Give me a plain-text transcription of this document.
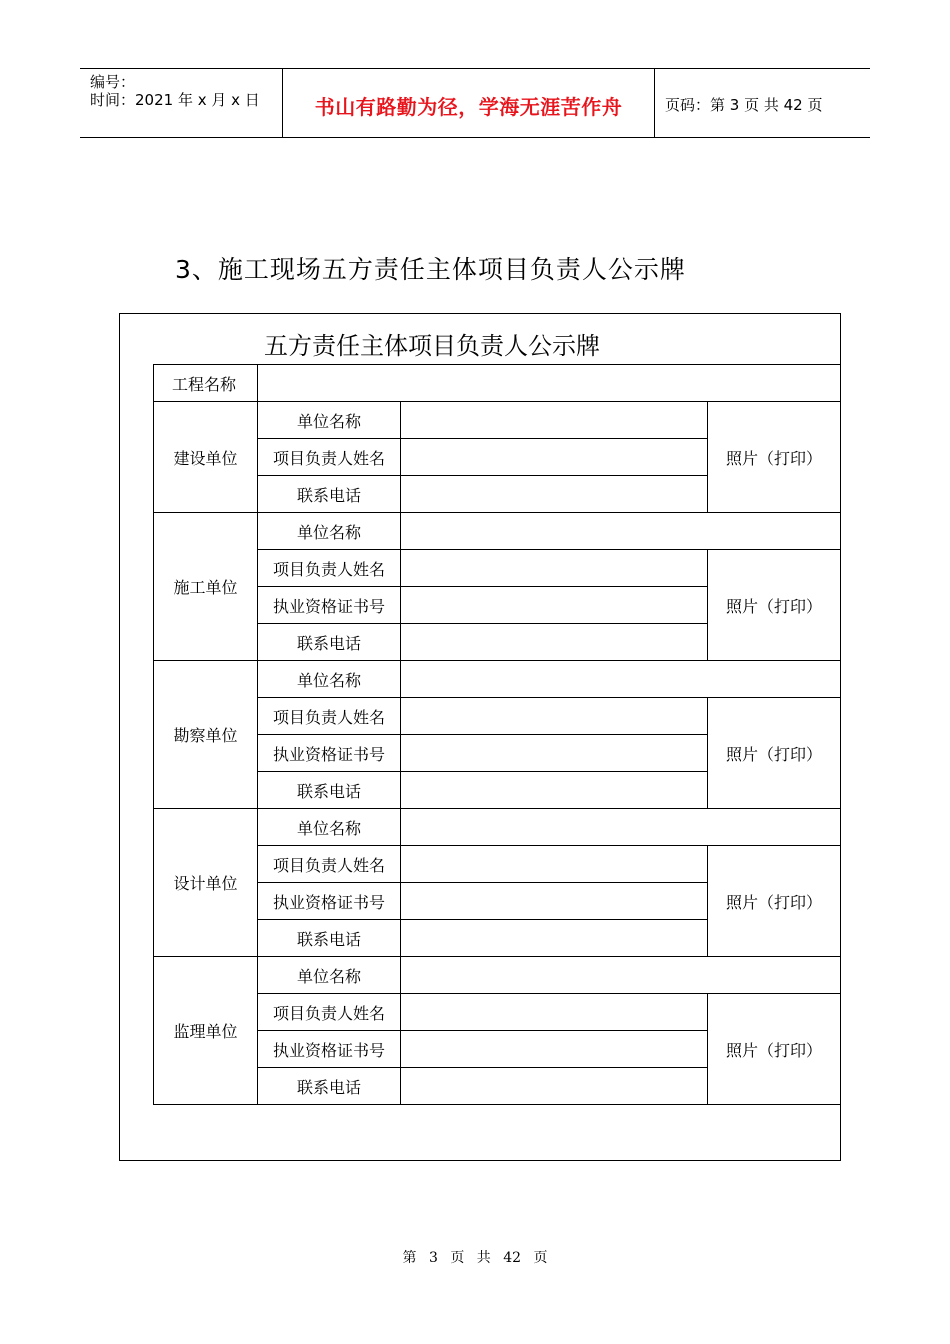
编号：
时间：2021 年 x 月 x 日	书山有路勤为径，学海无涯苦作舟	页码：第 3 页 共 42 页
3、施工现场五方责任主体项目负责人公示牌
五方责任主体项目负责人公示牌
工程名称			
建设单位	单位名称		照片（打印）
	项目负责人姓名		
	联系电话		
施工单位	单位名称		
	项目负责人姓名		照片（打印）
	执业资格证书号		
	联系电话		
勘察单位	单位名称		
	项目负责人姓名		照片（打印）
	执业资格证书号		
	联系电话		
设计单位	单位名称		
	项目负责人姓名		照片（打印）
	执业资格证书号		
	联系电话		
监理单位	单位名称		
	项目负责人姓名		照片（打印）
	执业资格证书号		
	联系电话		
第 3 页 共 42 页
